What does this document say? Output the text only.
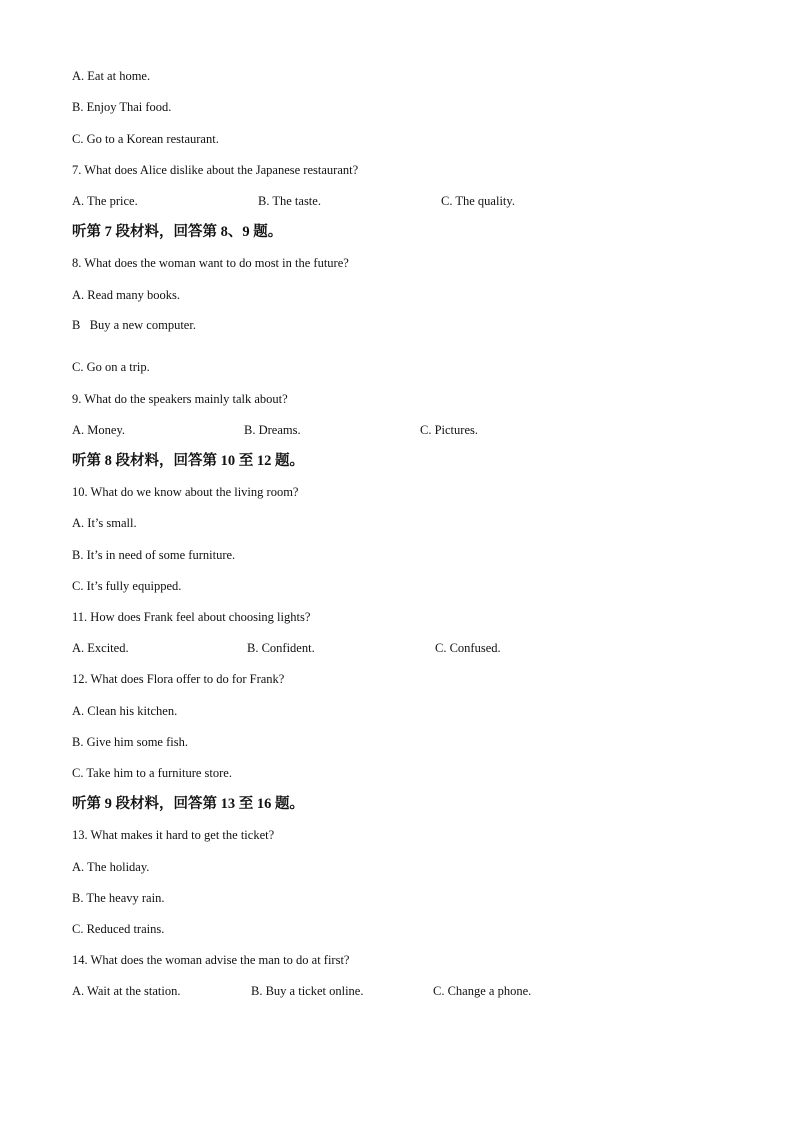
A. Eat at home.
B. Enjoy Thai food.
C. Go to a Korean restaurant.
7. What does Alice dislike about the Japanese restaurant?
A. The price.	B. The taste.	C. The quality.
听第 7 段材料，回答第 8、9 题。
8. What does the woman want to do most in the future?
A. Read many books.
B   Buy a new computer.
C. Go on a trip.
9. What do the speakers mainly talk about?
A. Money.	B. Dreams.	C. Pictures.
听第 8 段材料，回答第 10 至 12 题。
10. What do we know about the living room?
A. It’s small.
B. It’s in need of some furniture.
C. It’s fully equipped.
11. How does Frank feel about choosing lights?
A. Excited.	B. Confident.	C. Confused.
12. What does Flora offer to do for Frank?
A. Clean his kitchen.
B. Give him some fish.
C. Take him to a furniture store.
听第 9 段材料，回答第 13 至 16 题。
13. What makes it hard to get the ticket?
A. The holiday.
B. The heavy rain.
C. Reduced trains.
14. What does the woman advise the man to do at first?
A. Wait at the station.	B. Buy a ticket online.	C. Change a phone.
